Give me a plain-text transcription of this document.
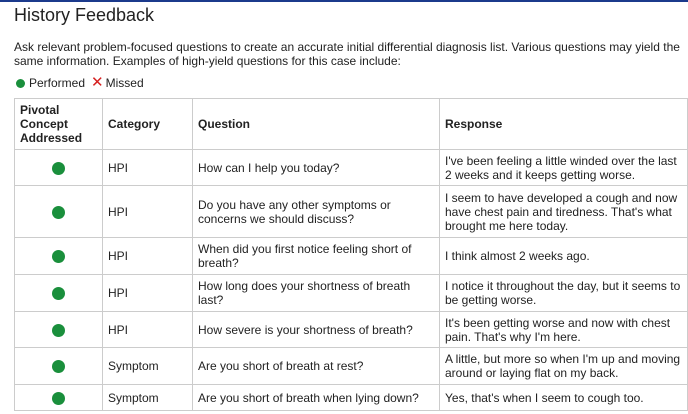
History Feedback
Ask relevant problem-focused questions to create an accurate initial differential diagnosis list. Various questions may yield the same information. Examples of high-yield questions for this case include:
Performed ✕ Missed
Pivotal Concept Addressed	Category	Question	Response
	HPI	How can I help you today?	I've been feeling a little winded over the last 2 weeks and it keeps getting worse.
	HPI	Do you have any other symptoms or concerns we should discuss?	I seem to have developed a cough and now have chest pain and tiredness. That's what brought me here today.
	HPI	When did you first notice feeling short of breath?	I think almost 2 weeks ago.
	HPI	How long does your shortness of breath last?	I notice it throughout the day, but it seems to be getting worse.
	HPI	How severe is your shortness of breath?	It's been getting worse and now with chest pain. That's why I'm here.
	Symptom	Are you short of breath at rest?	A little, but more so when I'm up and moving around or laying flat on my back.
	Symptom	Are you short of breath when lying down?	Yes, that's when I seem to cough too.
